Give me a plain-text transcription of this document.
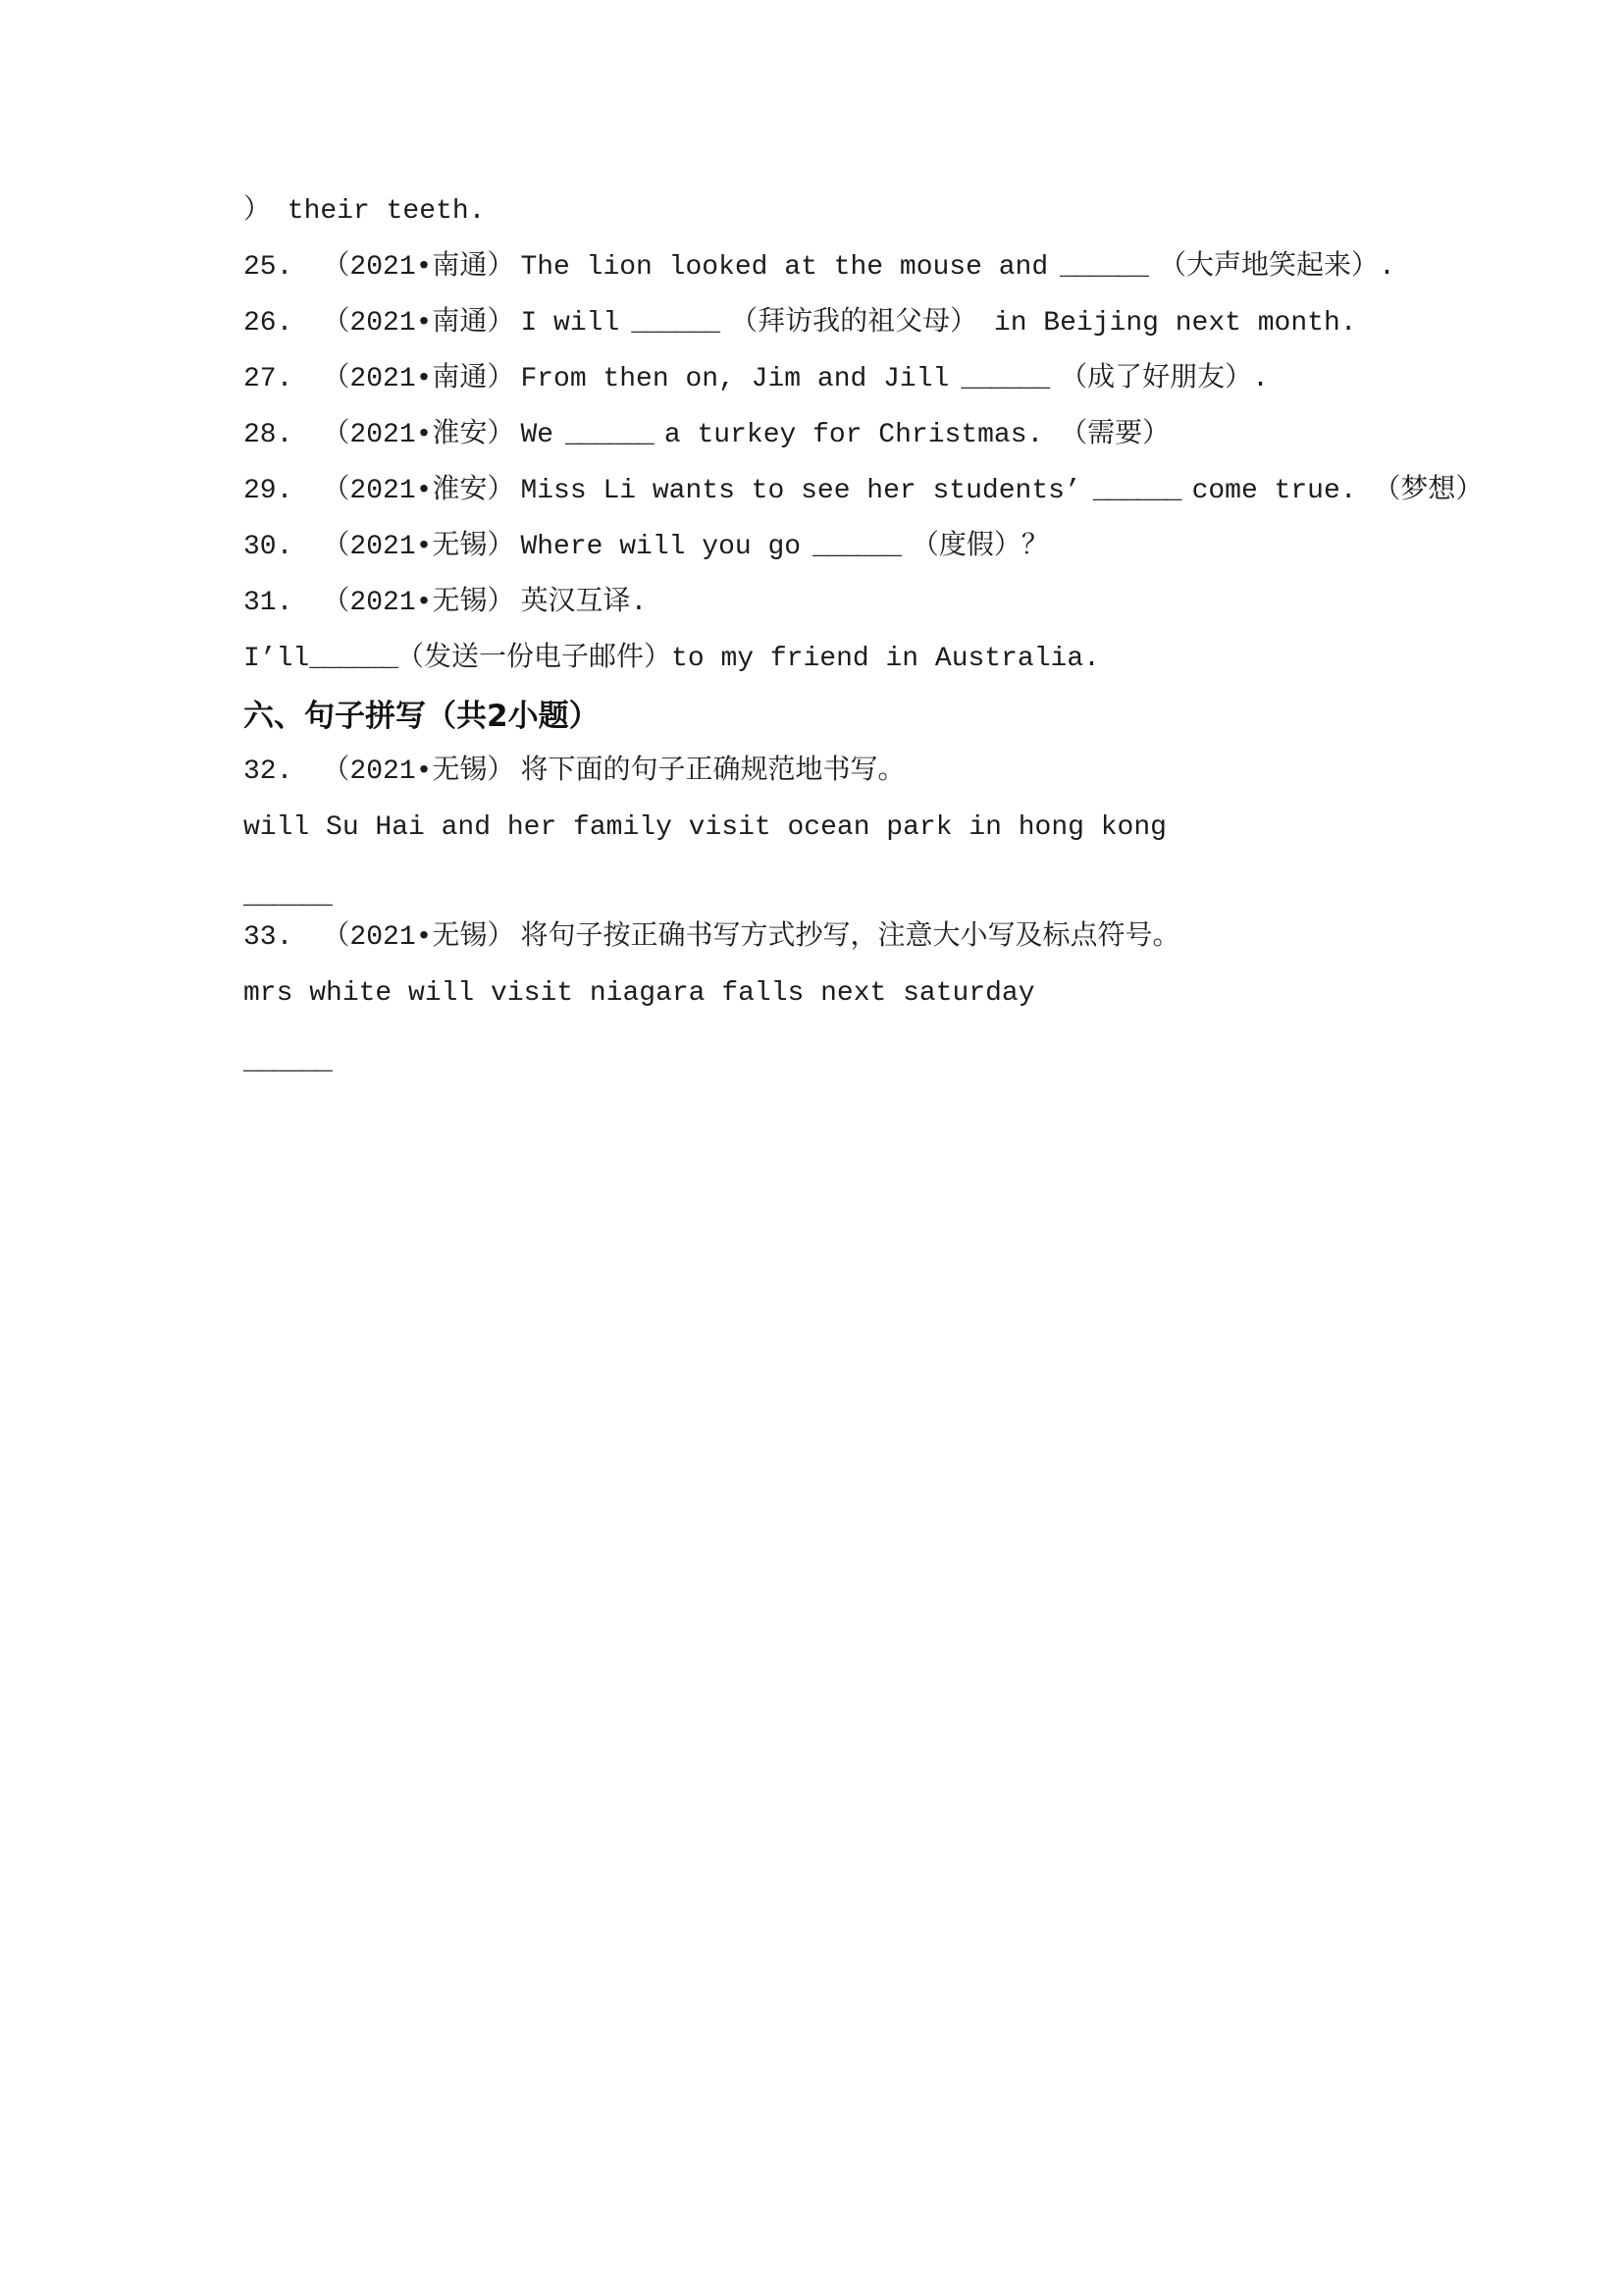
） their teeth.
25. （2021•南通） The lion looked at the mouse and ______ （大声地笑起来）.
26. （2021•南通） I will ______ （拜访我的祖父母） in Beijing next month.
27. （2021•南通） From then on, Jim and Jill ______ （成了好朋友）.
28. （2021•淮安） We ______ a turkey for Christmas. （需要）
29. （2021•淮安） Miss Li wants to see her students’ ______ come true. （梦想）
30. （2021•无锡） Where will you go ______ （度假）？
31. （2021•无锡） 英汉互译.
I’ll______（发送一份电子邮件）to my friend in Australia.
六、句子拼写（共2小题）
32. （2021•无锡） 将下面的句子正确规范地书写。
will Su Hai and her family visit ocean park in hong kong
______
33. （2021•无锡） 将句子按正确书写方式抄写，注意大小写及标点符号。
mrs white will visit niagara falls next saturday
______
